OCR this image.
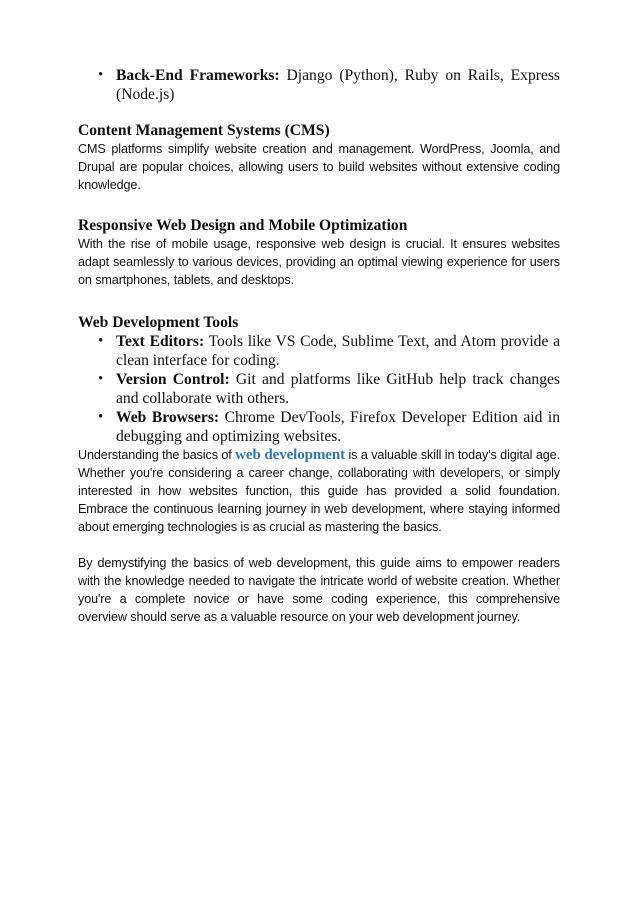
• Back-End Frameworks: Django (Python), Ruby on Rails, Express (Node.js)
Content Management Systems (CMS)

CMS platforms simplify website creation and management. WordPress, Joomla, and Drupal are popular choices, allowing users to build websites without extensive coding knowledge.

Responsive Web Design and Mobile Optimization

With the rise of mobile usage, responsive web design is crucial. It ensures websites adapt seamlessly to various devices, providing an optimal viewing experience for users on smartphones, tablets, and desktops.

Web Development Tools
• Text Editors: Tools like VS Code, Sublime Text, and Atom provide a clean interface for coding.
• Version Control: Git and platforms like GitHub help track changes and collaborate with others.
• Web Browsers: Chrome DevTools, Firefox Developer Edition aid in debugging and optimizing websites.

Understanding the basics of web development is a valuable skill in today's digital age. Whether you're considering a career change, collaborating with developers, or simply interested in how websites function, this guide has provided a solid foundation. Embrace the continuous learning journey in web development, where staying informed about emerging technologies is as crucial as mastering the basics.

By demystifying the basics of web development, this guide aims to empower readers with the knowledge needed to navigate the intricate world of website creation. Whether you're a complete novice or have some coding experience, this comprehensive overview should serve as a valuable resource on your web development journey.
